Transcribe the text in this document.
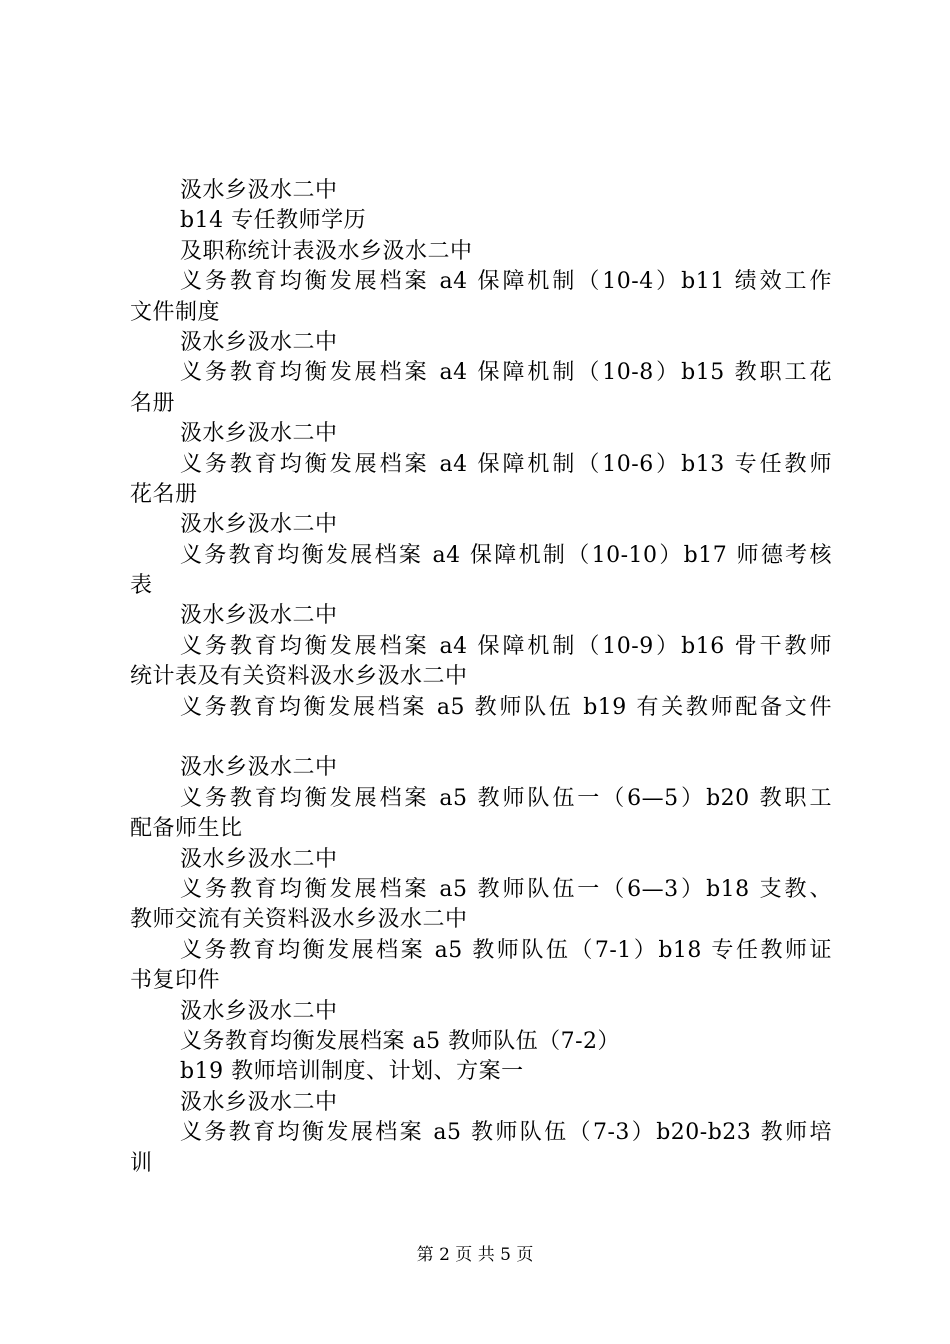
汲水乡汲水二中
b14 专任教师学历
及职称统计表汲水乡汲水二中
义务教育均衡发展档案 a4 保障机制（10-4）b11 绩效工作
文件制度
汲水乡汲水二中
义务教育均衡发展档案 a4 保障机制（10-8）b15 教职工花
名册
汲水乡汲水二中
义务教育均衡发展档案 a4 保障机制（10-6）b13 专任教师
花名册
汲水乡汲水二中
义务教育均衡发展档案 a4 保障机制（10-10）b17 师德考核
表
汲水乡汲水二中
义务教育均衡发展档案 a4 保障机制（10-9）b16 骨干教师
统计表及有关资料汲水乡汲水二中
义务教育均衡发展档案 a5 教师队伍 b19 有关教师配备文件
汲水乡汲水二中
义务教育均衡发展档案 a5 教师队伍一（6—5）b20 教职工
配备师生比
汲水乡汲水二中
义务教育均衡发展档案 a5 教师队伍一（6—3）b18 支教、
教师交流有关资料汲水乡汲水二中
义务教育均衡发展档案 a5 教师队伍（7-1）b18 专任教师证
书复印件
汲水乡汲水二中
义务教育均衡发展档案 a5 教师队伍（7-2）
b19 教师培训制度、计划、方案一
汲水乡汲水二中
义务教育均衡发展档案 a5 教师队伍（7-3）b20-b23 教师培
训
第 2 页 共 5 页
